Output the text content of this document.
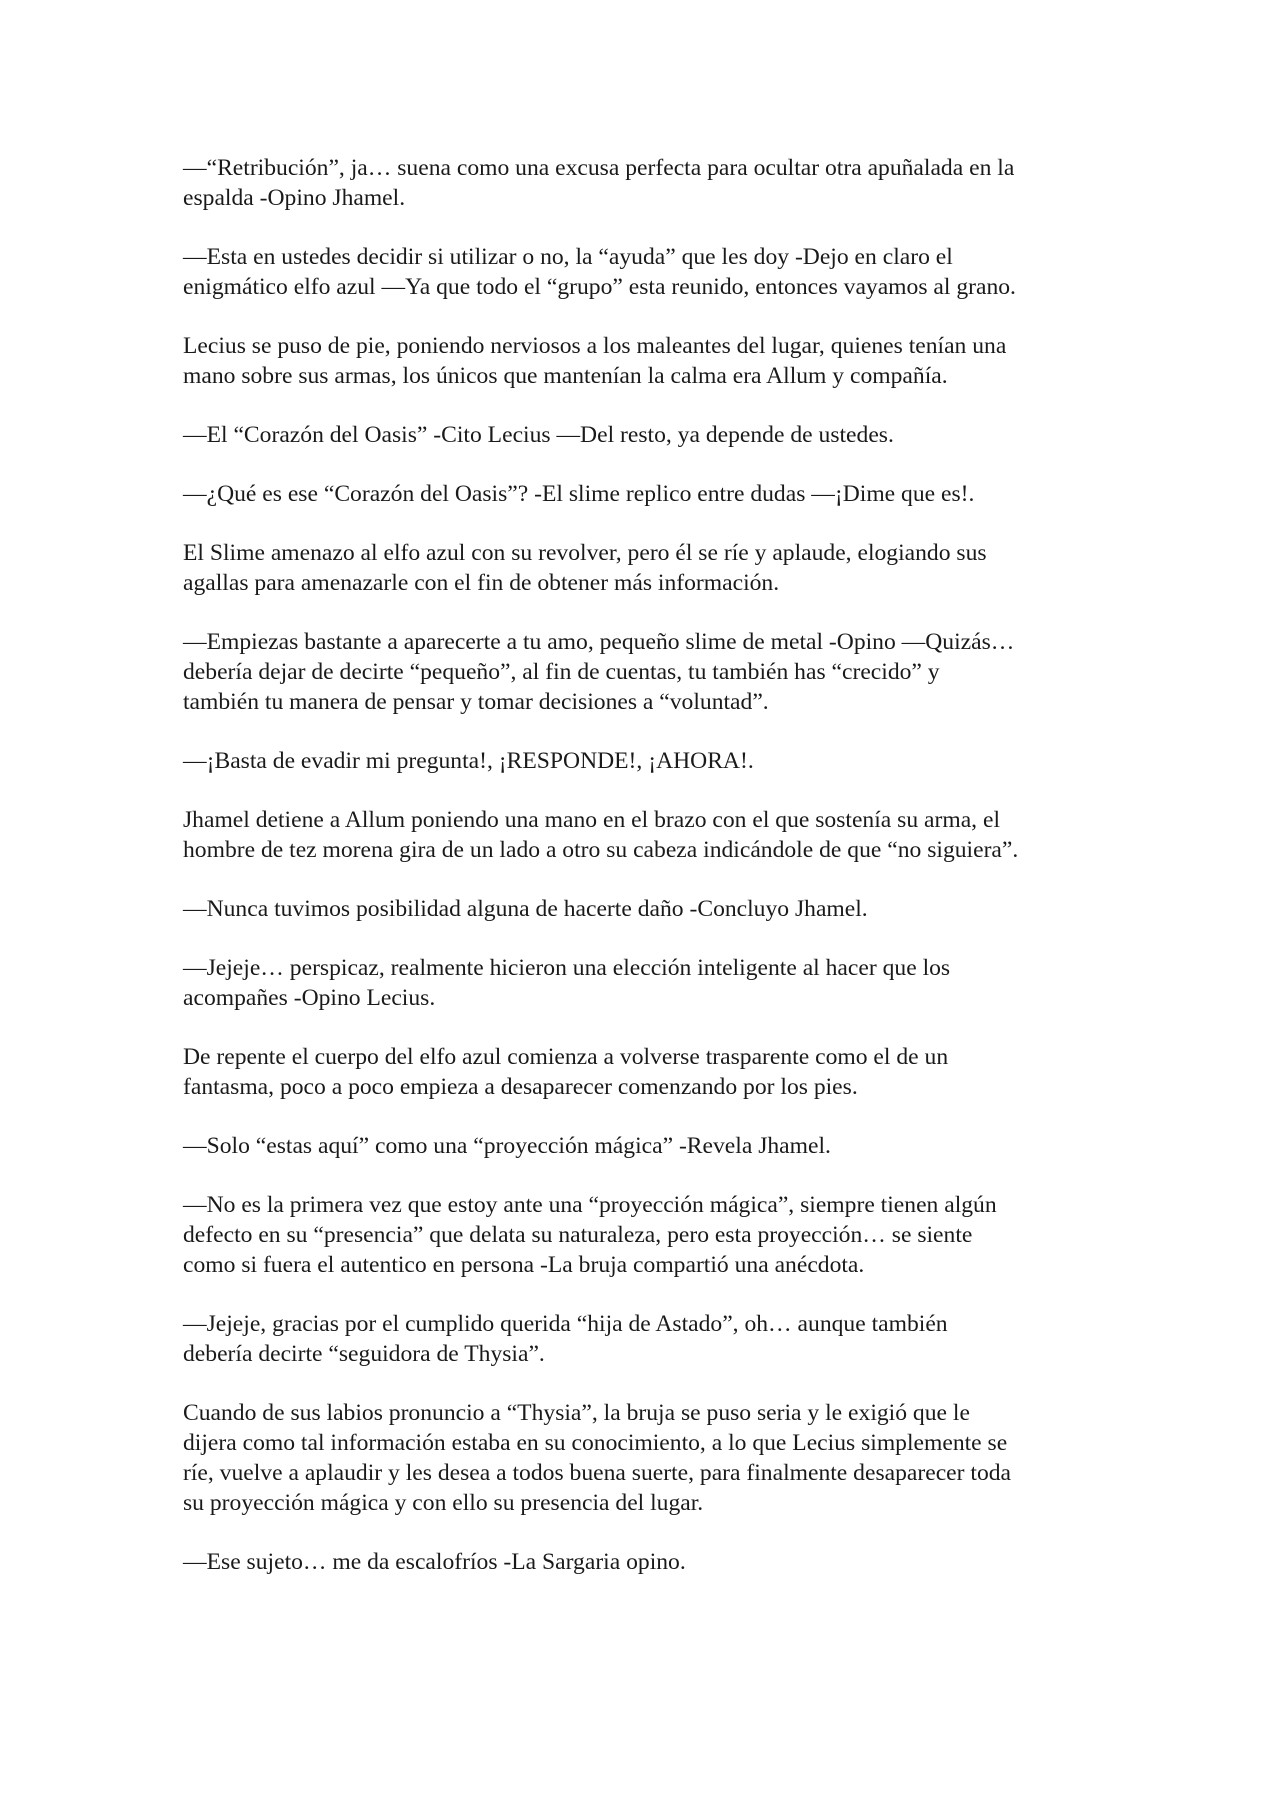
—“Retribución”, ja… suena como una excusa perfecta para ocultar otra apuñalada en la
espalda -Opino Jhamel.

—Esta en ustedes decidir si utilizar o no, la “ayuda” que les doy -Dejo en claro el
enigmático elfo azul —Ya que todo el “grupo” esta reunido, entonces vayamos al grano.

Lecius se puso de pie, poniendo nerviosos a los maleantes del lugar, quienes tenían una
mano sobre sus armas, los únicos que mantenían la calma era Allum y compañía.

—El “Corazón del Oasis” -Cito Lecius —Del resto, ya depende de ustedes.

—¿Qué es ese “Corazón del Oasis”? -El slime replico entre dudas —¡Dime que es!.

El Slime amenazo al elfo azul con su revolver, pero él se ríe y aplaude, elogiando sus
agallas para amenazarle con el fin de obtener más información.

—Empiezas bastante a aparecerte a tu amo, pequeño slime de metal -Opino —Quizás…
debería dejar de decirte “pequeño”, al fin de cuentas, tu también has “crecido” y
también tu manera de pensar y tomar decisiones a “voluntad”.

—¡Basta de evadir mi pregunta!, ¡RESPONDE!, ¡AHORA!.

Jhamel detiene a Allum poniendo una mano en el brazo con el que sostenía su arma, el
hombre de tez morena gira de un lado a otro su cabeza indicándole de que “no siguiera”.

—Nunca tuvimos posibilidad alguna de hacerte daño -Concluyo Jhamel.

—Jejeje… perspicaz, realmente hicieron una elección inteligente al hacer que los
acompañes -Opino Lecius.

De repente el cuerpo del elfo azul comienza a volverse trasparente como el de un
fantasma, poco a poco empieza a desaparecer comenzando por los pies.

—Solo “estas aquí” como una “proyección mágica” -Revela Jhamel.

—No es la primera vez que estoy ante una “proyección mágica”, siempre tienen algún
defecto en su “presencia” que delata su naturaleza, pero esta proyección… se siente
como si fuera el autentico en persona -La bruja compartió una anécdota.

—Jejeje, gracias por el cumplido querida “hija de Astado”, oh… aunque también
debería decirte “seguidora de Thysia”.

Cuando de sus labios pronuncio a “Thysia”, la bruja se puso seria y le exigió que le
dijera como tal información estaba en su conocimiento, a lo que Lecius simplemente se
ríe, vuelve a aplaudir y les desea a todos buena suerte, para finalmente desaparecer toda
su proyección mágica y con ello su presencia del lugar.

—Ese sujeto… me da escalofríos -La Sargaria opino.
